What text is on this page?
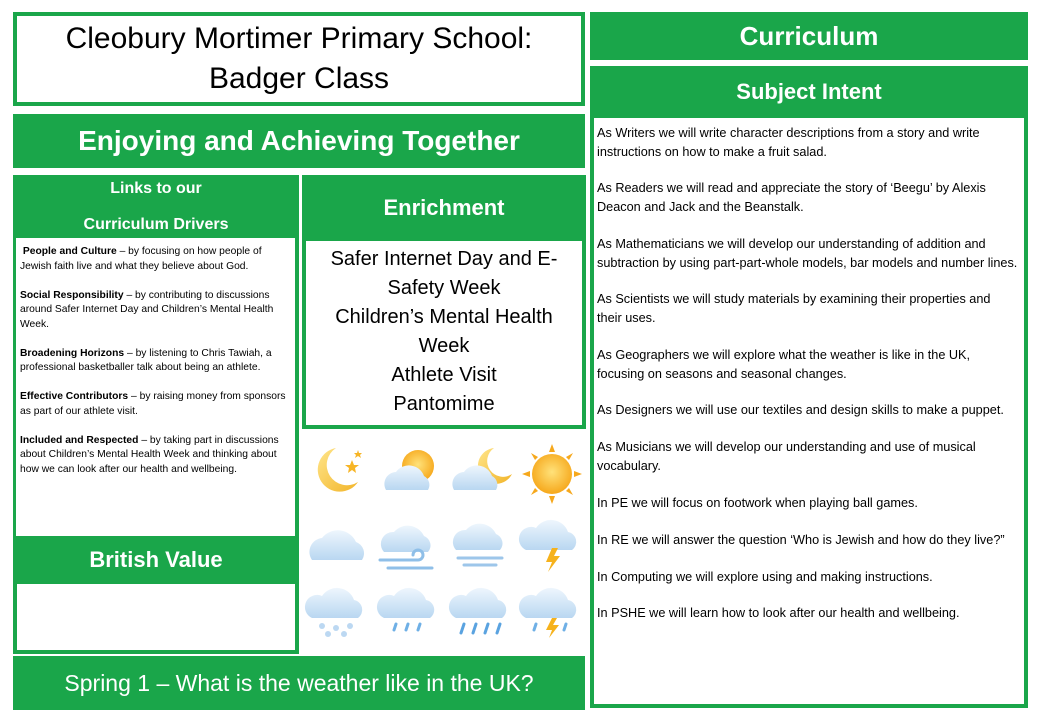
Cleobury Mortimer Primary School:
Badger Class
Enjoying and Achieving Together
Links to our
Curriculum Drivers

People and Culture – by focusing on how people of Jewish faith live and what they believe about God.

Social Responsibility – by contributing to discussions around Safer Internet Day and Children’s Mental Health Week.

Broadening Horizons – by listening to Chris Tawiah, a professional basketballer talk about being an athlete.

Effective Contributors – by raising money from sponsors as part of our athlete visit.

Included and Respected – by taking part in discussions about Children’s Mental Health Week and thinking about how we can look after our health and wellbeing.

British Value
Democracy
Enrichment
Safer Internet Day and E-
Safety Week
Children’s Mental Health
Week
Athlete Visit
Pantomime
Spring 1 – What is the weather like in the UK?
Curriculum
Subject Intent

As Writers we will write character descriptions from a story and write instructions on how to make a fruit salad.

As Readers we will read and appreciate the story of ‘Beegu’ by Alexis Deacon and Jack and the Beanstalk.

As Mathematicians we will develop our understanding of addition and subtraction by using part-part-whole models, bar models and number lines.

As Scientists we will study materials by examining their properties and their uses.

As Geographers we will explore what the weather is like in the UK, focusing on seasons and seasonal changes.

As Designers we will use our textiles and design skills to make a puppet.

As Musicians we will develop our understanding and use of musical vocabulary.

In PE we will focus on footwork when playing ball games.

In RE we will answer the question ‘Who is Jewish and how do they live?”

In Computing we will explore using and making instructions.

In PSHE we will learn how to look after our health and wellbeing.
